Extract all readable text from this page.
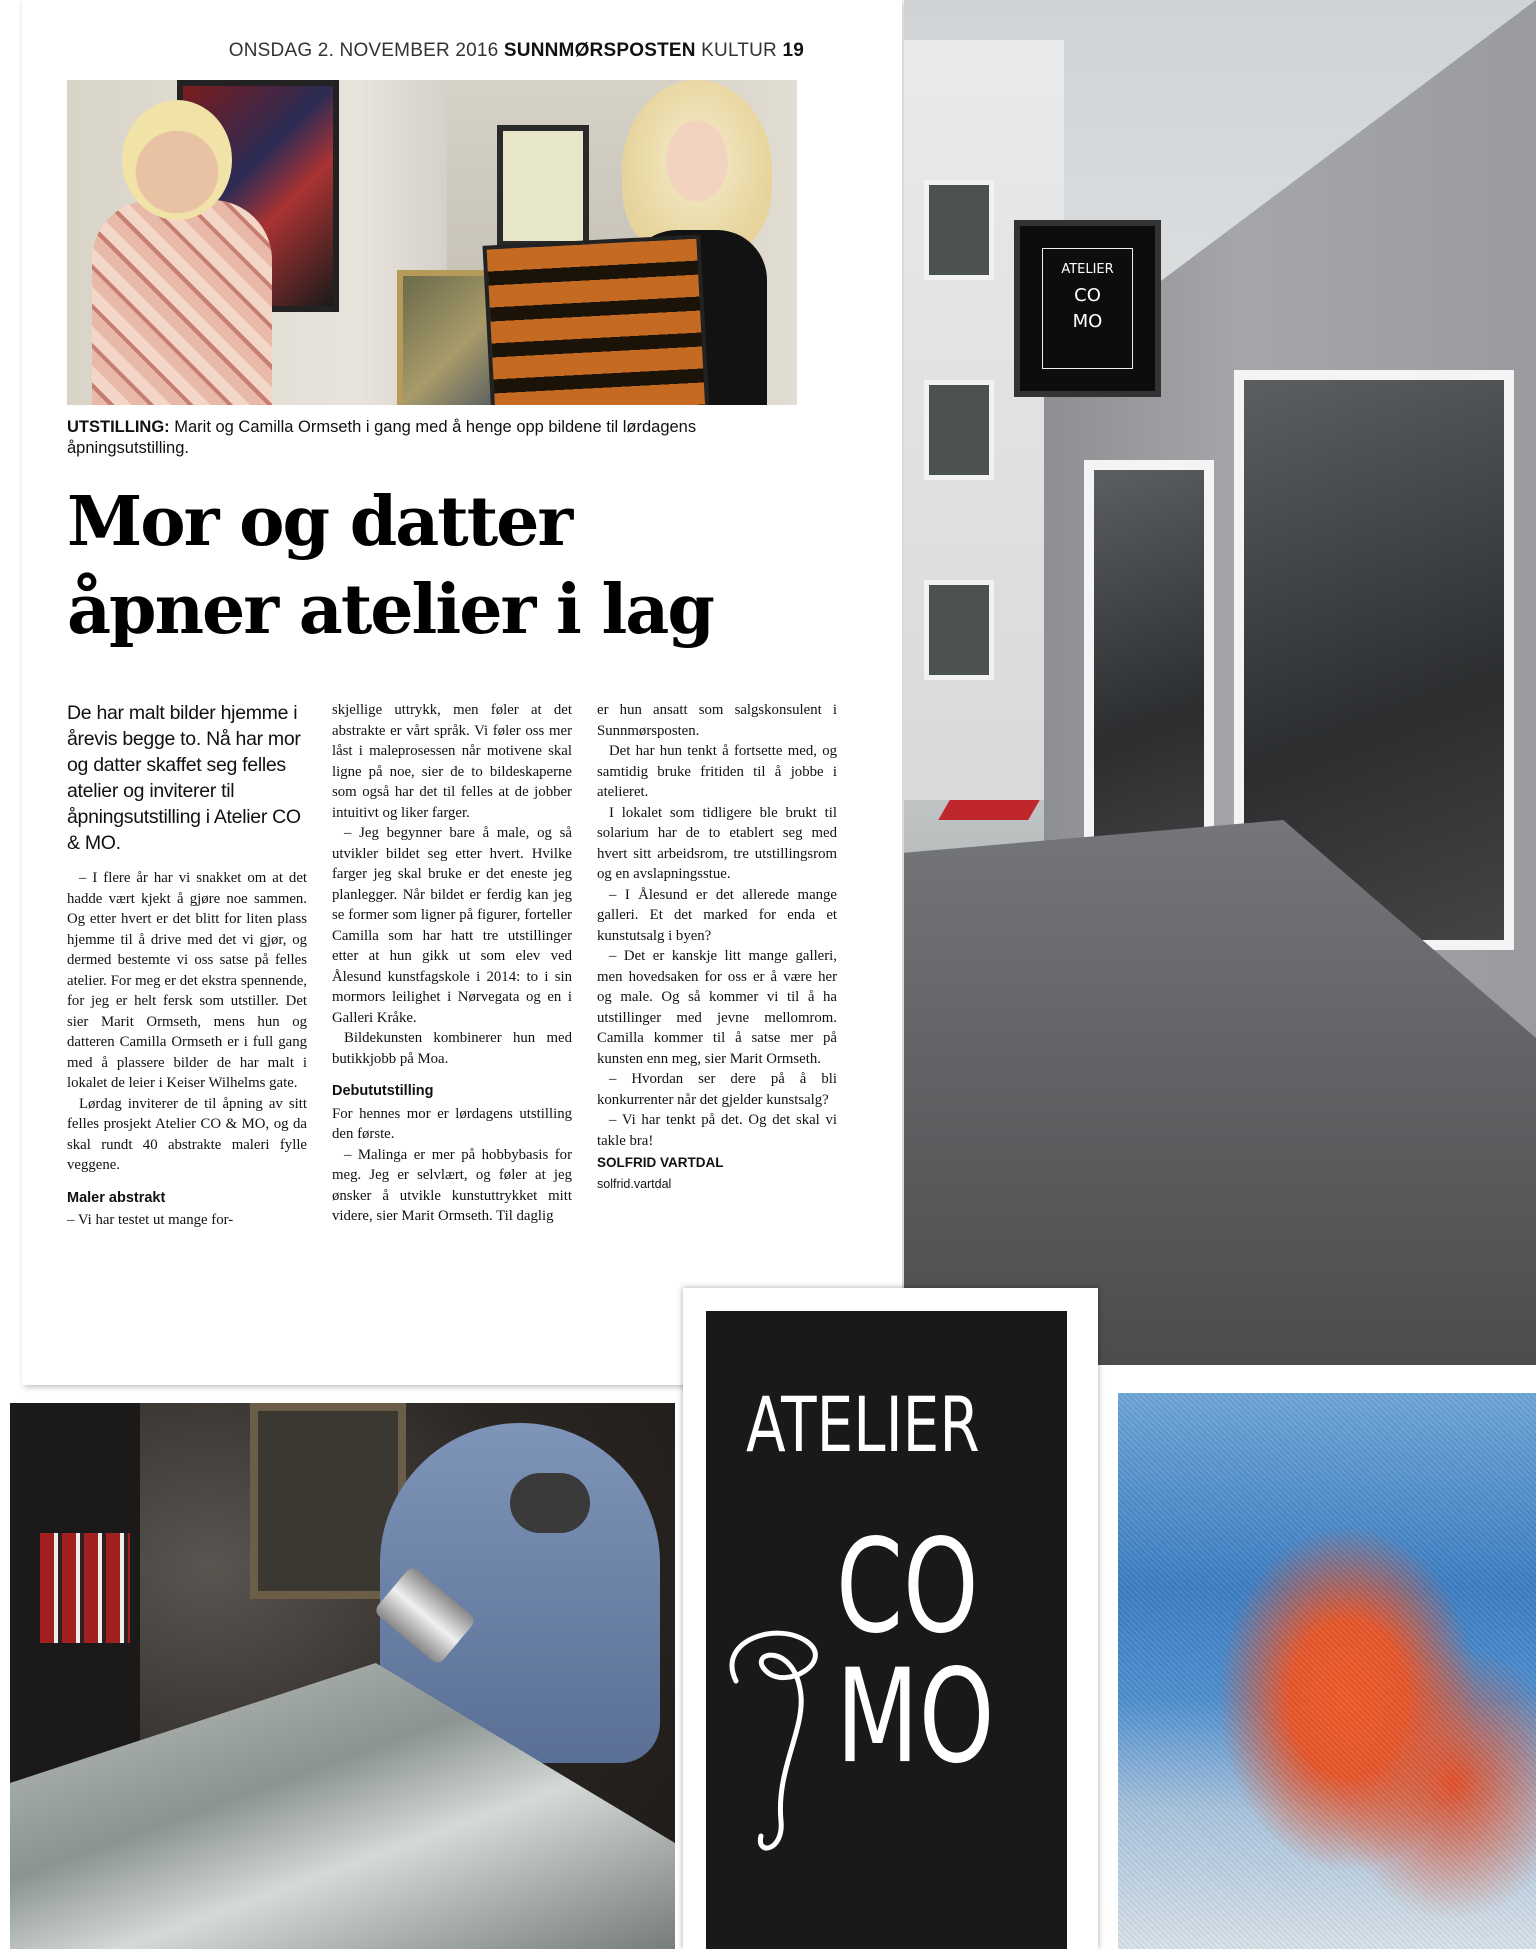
ONSDAG 2. NOVEMBER 2016 SUNNMØRSPOSTEN KULTUR 19
UTSTILLING: Marit og Camilla Ormseth i gang med å henge opp bildene til lørdagens åpningsutstilling.
Mor og datter
åpner atelier i lag

De har malt bilder hjemme i årevis begge to. Nå har mor og datter skaffet seg felles atelier og inviterer til åpningsutstilling i Atelier CO & MO.

– I flere år har vi snakket om at det hadde vært kjekt å gjøre noe sammen. Og etter hvert er det blitt for liten plass hjemme til å drive med det vi gjør, og dermed bestemte vi oss satse på felles atelier. For meg er det ekstra spennende, for jeg er helt fersk som utstiller. Det sier Marit Ormseth, mens hun og datteren Camilla Ormseth er i full gang med å plassere bilder de har malt i lokalet de leier i Keiser Wilhelms gate.

Lørdag inviterer de til åpning av sitt felles prosjekt Atelier CO & MO, og da skal rundt 40 abstrakte maleri fylle veggene.

Maler abstrakt

– Vi har testet ut mange for-

skjellige uttrykk, men føler at det abstrakte er vårt språk. Vi føler oss mer låst i maleprosessen når motivene skal ligne på noe, sier de to bildeskaperne som også har det til felles at de jobber intuitivt og liker farger.

– Jeg begynner bare å male, og så utvikler bildet seg etter hvert. Hvilke farger jeg skal bruke er det eneste jeg planlegger. Når bildet er ferdig kan jeg se former som ligner på figurer, forteller Camilla som har hatt tre utstillinger etter at hun gikk ut som elev ved Ålesund kunstfagskole i 2014: to i sin mormors leilighet i Nørvegata og en i Galleri Kråke.

Bildekunsten kombinerer hun med butikkjobb på Moa.

Debututstilling

For hennes mor er lørdagens utstilling den første.

– Malinga er mer på hobbybasis for meg. Jeg er selvlært, og føler at jeg ønsker å utvikle kunstuttrykket mitt videre, sier Marit Ormseth. Til daglig

er hun ansatt som salgskonsulent i Sunnmørsposten.

Det har hun tenkt å fortsette med, og samtidig bruke fritiden til å jobbe i atelieret.

I lokalet som tidligere ble brukt til solarium har de to etablert seg med hvert sitt arbeidsrom, tre utstillingsrom og en avslapningsstue.

– I Ålesund er det allerede mange galleri. Et det marked for enda et kunstutsalg i byen?

– Det er kanskje litt mange galleri, men hovedsaken for oss er å være her og male. Og så kommer vi til å ha utstillinger med jevne mellomrom. Camilla kommer til å satse mer på kunsten enn meg, sier Marit Ormseth.

– Hvordan ser dere på å bli konkurrenter når det gjelder kunstsalg?

– Vi har tenkt på det. Og det skal vi takle bra!

SOLFRID VARTDAL

solfrid.vartdal

ATELIER
CO
MO
ATELIER
CO
MO
